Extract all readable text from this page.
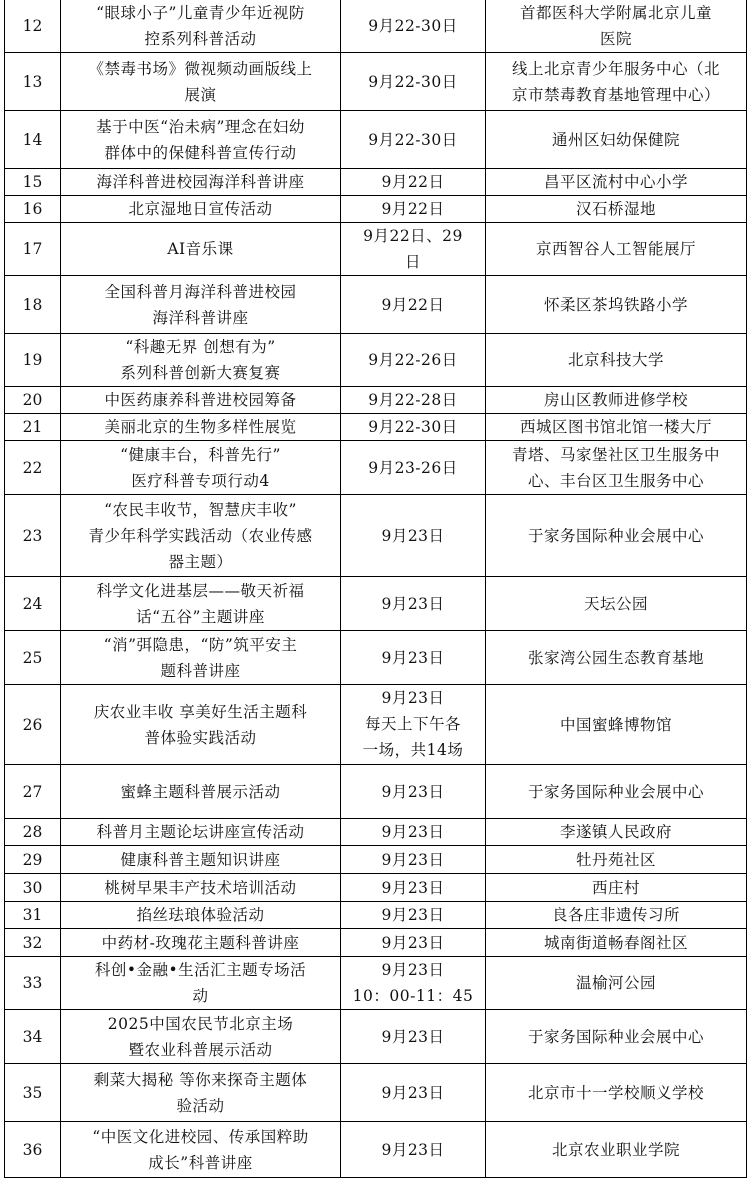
12	“眼球小子”儿童青少年近视防
控系列科普活动	9月22-30日	首都医科大学附属北京儿童
医院

13	《禁毒书场》微视频动画版线上
展演	9月22-30日	线上北京青少年服务中心（北
京市禁毒教育基地管理中心）

14	基于中医“治未病”理念在妇幼
群体中的保健科普宣传行动	9月22-30日	通州区妇幼保健院

15	海洋科普进校园海洋科普讲座	9月22日	昌平区流村中心小学

16	北京湿地日宣传活动	9月22日	汉石桥湿地

17	AI音乐课	9月22日、29
日	京西智谷人工智能展厅

18	全国科普月海洋科普进校园
海洋科普讲座	9月22日	怀柔区茶坞铁路小学

19	“科趣无界 创想有为”
系列科普创新大赛复赛	9月22-26日	北京科技大学

20	中医药康养科普进校园筹备	9月22-28日	房山区教师进修学校

21	美丽北京的生物多样性展览	9月22-30日	西城区图书馆北馆一楼大厅

22	“健康丰台，科普先行”
医疗科普专项行动4	9月23-26日	青塔、马家堡社区卫生服务中
心、丰台区卫生服务中心

23	“农民丰收节，智慧庆丰收”
青少年科学实践活动（农业传感
器主题）	9月23日	于家务国际种业会展中心

24	科学文化进基层——敬天祈福
话“五谷”主题讲座	9月23日	天坛公园

25	“消”弭隐患，“防”筑平安主
题科普讲座	9月23日	张家湾公园生态教育基地

26	庆农业丰收 享美好生活主题科
普体验实践活动	9月23日
每天上下午各
一场，共14场	中国蜜蜂博物馆

27	蜜蜂主题科普展示活动	9月23日	于家务国际种业会展中心

28	科普月主题论坛讲座宣传活动	9月23日	李遂镇人民政府

29	健康科普主题知识讲座	9月23日	牡丹苑社区

30	桃树早果丰产技术培训活动	9月23日	西庄村

31	掐丝珐琅体验活动	9月23日	良各庄非遗传习所

32	中药材-玫瑰花主题科普讲座	9月23日	城南街道畅春阁社区

33	科创•金融•生活汇主题专场活
动	9月23日
10：00-11：45	温榆河公园

34	2025中国农民节北京主场
暨农业科普展示活动	9月23日	于家务国际种业会展中心

35	剩菜大揭秘 等你来探奇主题体
验活动	9月23日	北京市十一学校顺义学校

36	“中医文化进校园、传承国粹助
成长”科普讲座	9月23日	北京农业职业学院
